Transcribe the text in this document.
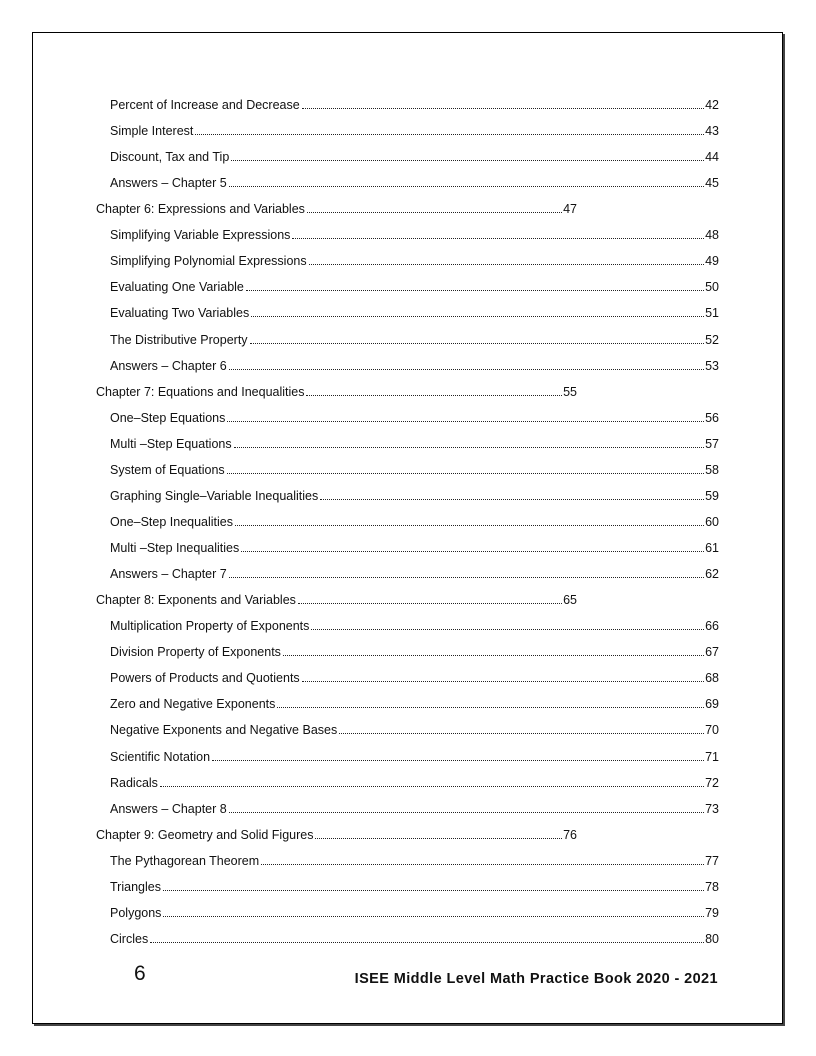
Percent of Increase and Decrease	42
Simple Interest	43
Discount, Tax and Tip	44
Answers – Chapter 5	45
Chapter 6: Expressions and Variables	47
Simplifying Variable Expressions	48
Simplifying Polynomial Expressions	49
Evaluating One Variable	50
Evaluating Two Variables	51
The Distributive Property	52
Answers – Chapter 6	53
Chapter 7: Equations and Inequalities	55
One–Step Equations	56
Multi –Step Equations	57
System of Equations	58
Graphing Single–Variable Inequalities	59
One–Step Inequalities	60
Multi –Step Inequalities	61
Answers – Chapter 7	62
Chapter 8: Exponents and Variables	65
Multiplication Property of Exponents	66
Division Property of Exponents	67
Powers of Products and Quotients	68
Zero and Negative Exponents	69
Negative Exponents and Negative Bases	70
Scientific Notation	71
Radicals	72
Answers – Chapter 8	73
Chapter 9: Geometry and Solid Figures	76
The Pythagorean Theorem	77
Triangles	78
Polygons	79
Circles	80
6	ISEE Middle Level Math Practice Book 2020 - 2021
